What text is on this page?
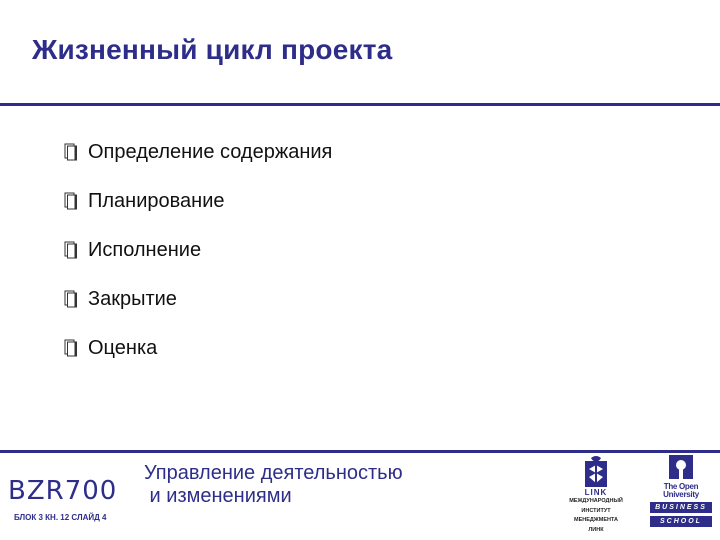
Жизненный цикл проекта
Определение содержания
Планирование
Исполнение
Закрытие
Оценка
BZR700
БЛОК 3 КН. 12 СЛАЙД 4
Управление деятельностью
и изменениями	LINK
МЕЖДУНАРОДНЫЙ
ИНСТИТУТ
МЕНЕДЖМЕНТА
ЛИНК
The Open
University
BUSINESS
SCHOOL
